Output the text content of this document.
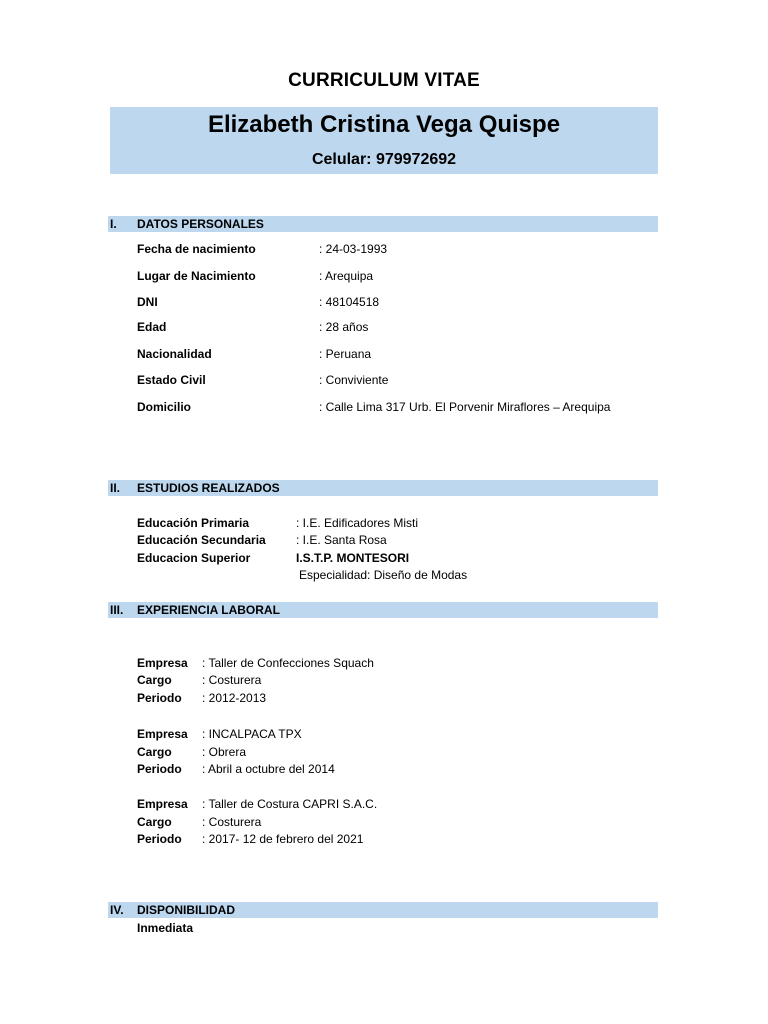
CURRICULUM VITAE
Elizabeth Cristina Vega Quispe
Celular: 979972692
I. DATOS PERSONALES
Fecha de nacimiento	: 24-03-1993
Lugar de Nacimiento	: Arequipa
DNI	: 48104518
Edad	: 28 años
Nacionalidad	: Peruana
Estado Civil	: Conviviente
Domicilio	: Calle Lima 317 Urb. El Porvenir Miraflores – Arequipa
II. ESTUDIOS REALIZADOS
Educación Primaria	: I.E. Edificadores Misti
Educación Secundaria	: I.E. Santa Rosa
Educacion Superior	I.S.T.P. MONTESORI
Especialidad: Diseño de Modas
III. EXPERIENCIA LABORAL
Empresa : Taller de Confecciones Squach
Cargo	: Costurera
Periodo : 2012-2013
Empresa : INCALPACA TPX
Cargo	: Obrera
Periodo : Abril a octubre del 2014
Empresa : Taller de Costura CAPRI S.A.C.
Cargo	: Costurera
Periodo : 2017- 12 de febrero del 2021
IV. DISPONIBILIDAD
Inmediata
